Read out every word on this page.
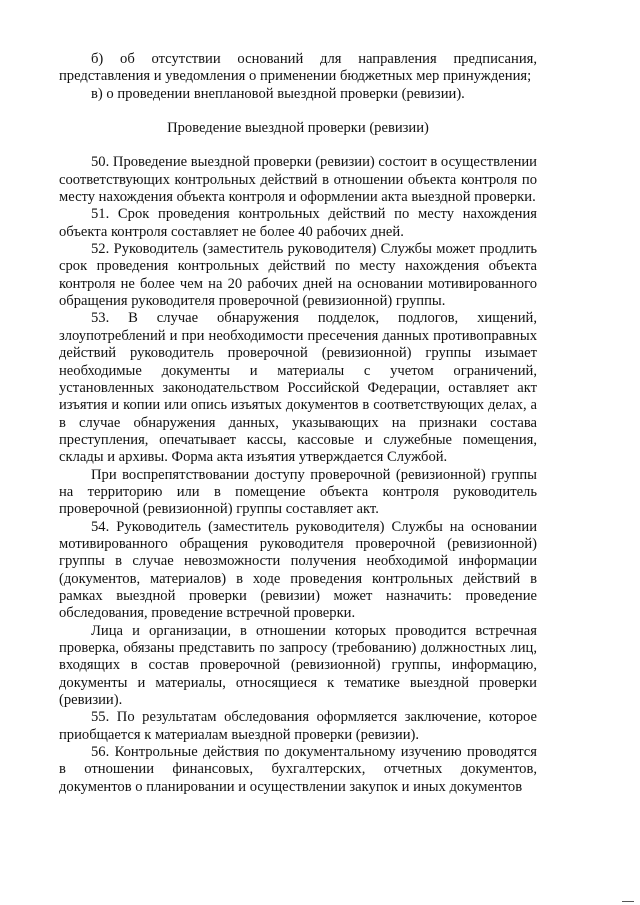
б) об отсутствии оснований для направления предписания, представления и уведомления о применении бюджетных мер принуждения;

в) о проведении внеплановой выездной проверки (ревизии).

Проведение выездной проверки (ревизии)

50. Проведение выездной проверки (ревизии) состоит в осуществлении соответствующих контрольных действий в отношении объекта контроля по месту нахождения объекта контроля и оформлении акта выездной проверки.

51. Срок проведения контрольных действий по месту нахождения объекта контроля составляет не более 40 рабочих дней.

52. Руководитель (заместитель руководителя) Службы может продлить срок проведения контрольных действий по месту нахождения объекта контроля не более чем на 20 рабочих дней на основании мотивированного обращения руководителя проверочной (ревизионной) группы.

53. В случае обнаружения подделок, подлогов, хищений, злоупотреблений и при необходимости пресечения данных противоправных действий руководитель проверочной (ревизионной) группы изымает необходимые документы и материалы с учетом ограничений, установленных законодательством Российской Федерации, оставляет акт изъятия и копии или опись изъятых документов в соответствующих делах, а в случае обнаружения данных, указывающих на признаки состава преступления, опечатывает кассы, кассовые и служебные помещения, склады и архивы. Форма акта изъятия утверждается Службой.

При воспрепятствовании доступу проверочной (ревизионной) группы на территорию или в помещение объекта контроля руководитель проверочной (ревизионной) группы составляет акт.

54. Руководитель (заместитель руководителя) Службы на основании мотивированного обращения руководителя проверочной (ревизионной) группы в случае невозможности получения необходимой информации (документов, материалов) в ходе проведения контрольных действий в рамках выездной проверки (ревизии) может назначить: проведение обследования, проведение встречной проверки.

Лица и организации, в отношении которых проводится встречная проверка, обязаны представить по запросу (требованию) должностных лиц, входящих в состав проверочной (ревизионной) группы, информацию, документы и материалы, относящиеся к тематике выездной проверки (ревизии).

55. По результатам обследования оформляется заключение, которое приобщается к материалам выездной проверки (ревизии).

56. Контрольные действия по документальному изучению проводятся в отношении финансовых, бухгалтерских, отчетных документов, документов о планировании и осуществлении закупок и иных документов
